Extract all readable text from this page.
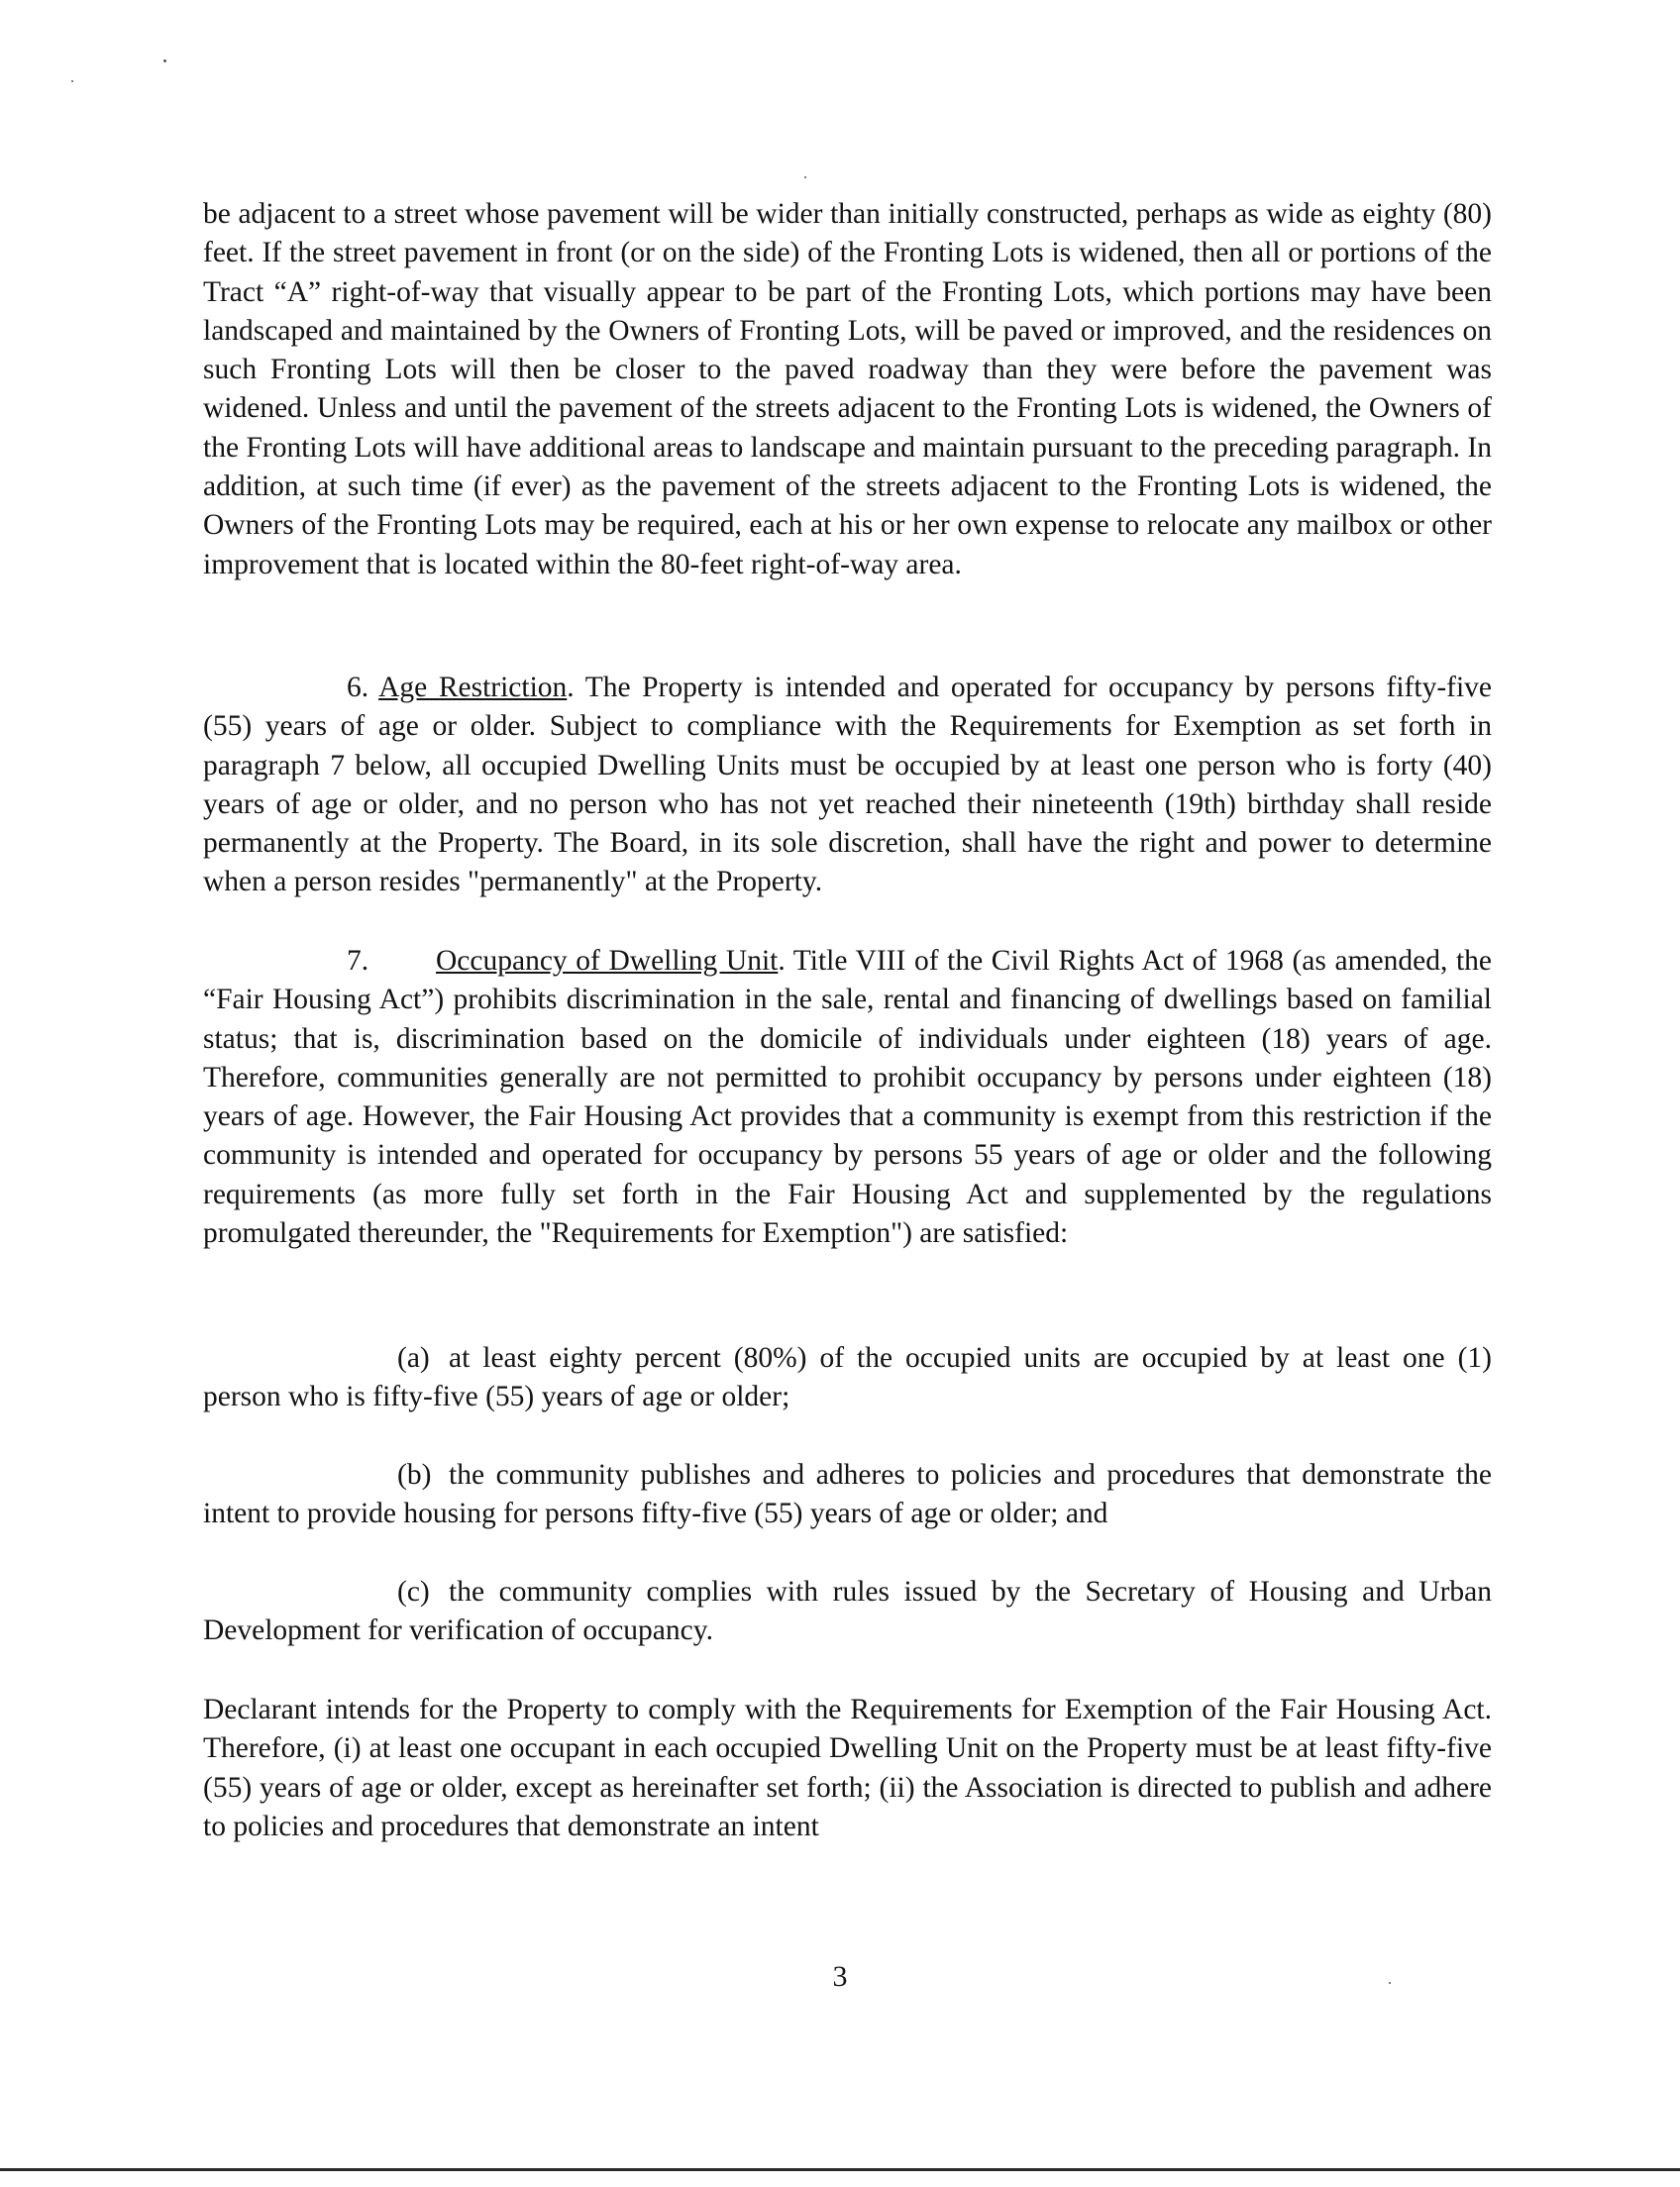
be adjacent to a street whose pavement will be wider than initially constructed, perhaps as wide as eighty (80) feet. If the street pavement in front (or on the side) of the Fronting Lots is widened, then all or portions of the Tract “A” right-of-way that visually appear to be part of the Fronting Lots, which portions may have been landscaped and maintained by the Owners of Fronting Lots, will be paved or improved, and the residences on such Fronting Lots will then be closer to the paved roadway than they were before the pavement was widened. Unless and until the pavement of the streets adjacent to the Fronting Lots is widened, the Owners of the Fronting Lots will have additional areas to landscape and maintain pursuant to the preceding paragraph. In addition, at such time (if ever) as the pavement of the streets adjacent to the Fronting Lots is widened, the Owners of the Fronting Lots may be required, each at his or her own expense to relocate any mailbox or other improvement that is located within the 80-feet right-of-way area.

6. Age Restriction. The Property is intended and operated for occupancy by persons fifty-five (55) years of age or older. Subject to compliance with the Requirements for Exemption as set forth in paragraph 7 below, all occupied Dwelling Units must be occupied by at least one person who is forty (40) years of age or older, and no person who has not yet reached their nineteenth (19th) birthday shall reside permanently at the Property. The Board, in its sole discretion, shall have the right and power to determine when a person resides "permanently" at the Property.

7. Occupancy of Dwelling Unit. Title VIII of the Civil Rights Act of 1968 (as amended, the “Fair Housing Act”) prohibits discrimination in the sale, rental and financing of dwellings based on familial status; that is, discrimination based on the domicile of individuals under eighteen (18) years of age. Therefore, communities generally are not permitted to prohibit occupancy by persons under eighteen (18) years of age. However, the Fair Housing Act provides that a community is exempt from this restriction if the community is intended and operated for occupancy by persons 55 years of age or older and the following requirements (as more fully set forth in the Fair Housing Act and supplemented by the regulations promulgated thereunder, the "Requirements for Exemption") are satisfied:

(a) at least eighty percent (80%) of the occupied units are occupied by at least one (1) person who is fifty-five (55) years of age or older;

(b) the community publishes and adheres to policies and procedures that demonstrate the intent to provide housing for persons fifty-five (55) years of age or older; and

(c) the community complies with rules issued by the Secretary of Housing and Urban Development for verification of occupancy.

Declarant intends for the Property to comply with the Requirements for Exemption of the Fair Housing Act. Therefore, (i) at least one occupant in each occupied Dwelling Unit on the Property must be at least fifty-five (55) years of age or older, except as hereinafter set forth; (ii) the Association is directed to publish and adhere to policies and procedures that demonstrate an intent

3
